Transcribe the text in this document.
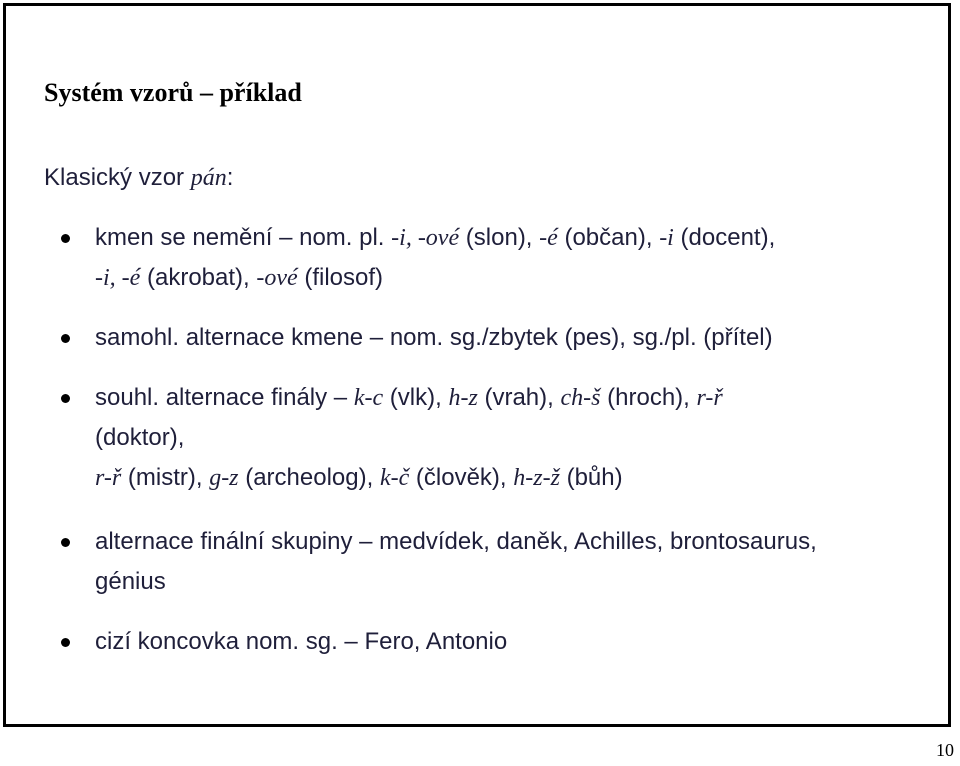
Systém vzorů – příklad
Klasický vzor pán:
kmen se nemění – nom. pl. -i, -ové (slon), -é (občan), -i (docent),
-i, -é (akrobat), -ové (filosof)
samohl. alternace kmene – nom. sg./zbytek (pes), sg./pl. (přítel)
souhl. alternace finály – k-c (vlk), h-z (vrah), ch-š (hroch), r-ř
(doktor),
r-ř (mistr), g-z (archeolog), k-č (člověk), h-z-ž (bůh)
alternace finální skupiny – medvídek, daněk, Achilles, brontosaurus,
génius
cizí koncovka nom. sg. – Fero, Antonio
10
